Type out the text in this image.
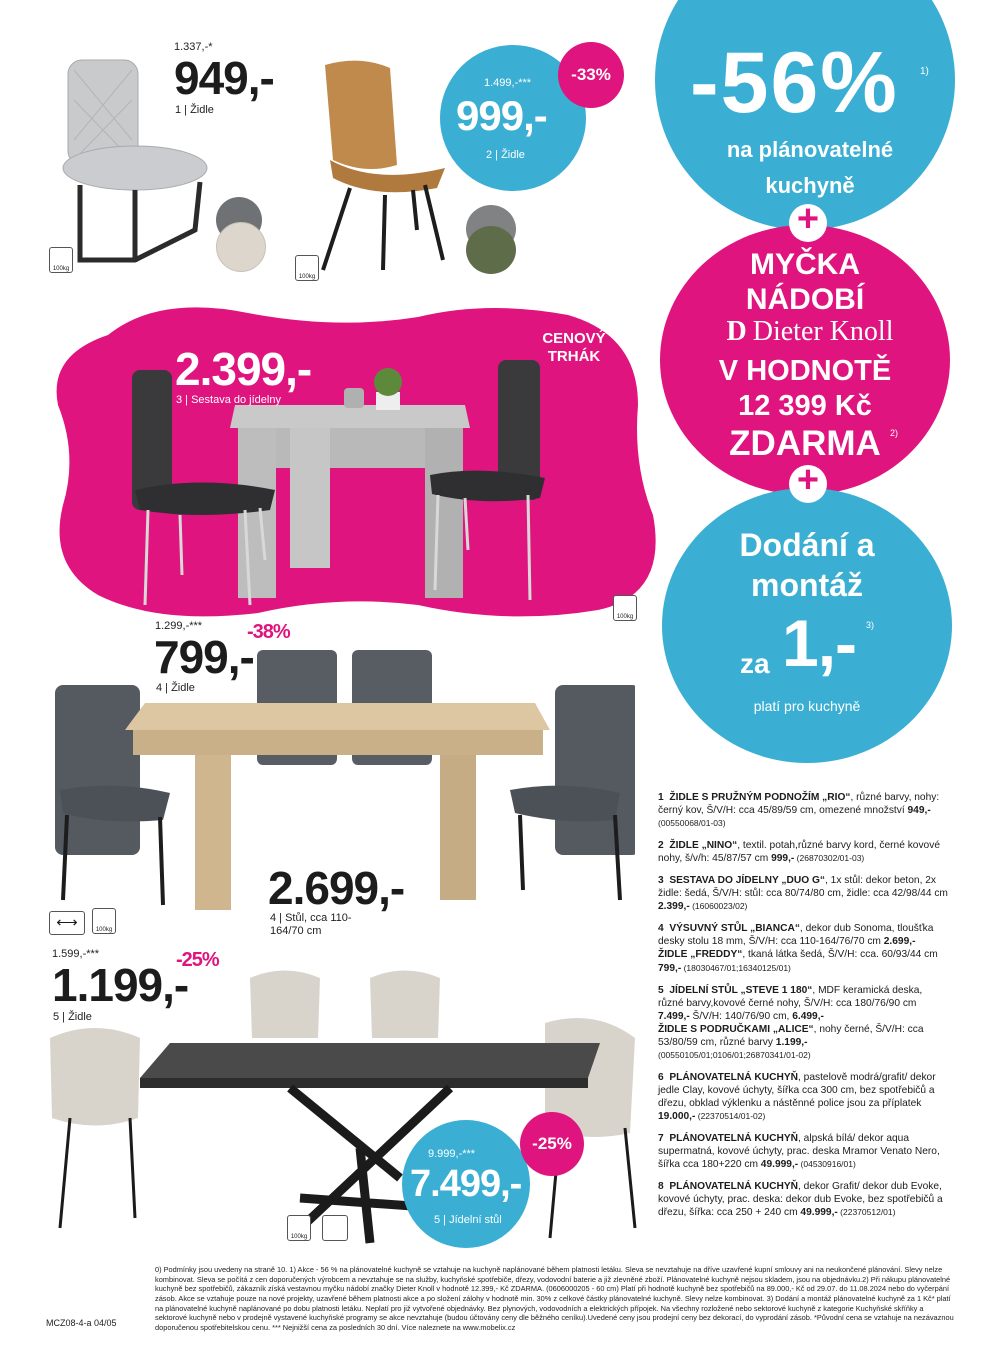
100kg
1.337,-*
949,-
1 | Židle
100kg
1.499,-***
999,-
2 | Židle
-33%
2.399,-
3 | Sestava do jídelny
CENOVÝ TRHÁK
100kg
1.299,-***
799,-
-38%
4 | Židle
2.699,-
4 | Stůl, cca 110-164/70 cm
⟷	100kg
1.599,-***
1.199,-
-25%
5 | Židle
9.999,-***
7.499,-
5 | Jídelní stůl
-25%
100kg
-56% 1)
na plánovatelné
kuchyně
MYČKA
NÁDOBÍ
D Dieter Knoll
V HODNOTĚ
12 399 Kč
ZDARMA	2)
+
+
Dodání a
montáž
za 1,- 3)
platí pro kuchyně

1 ŽIDLE S PRUŽNÝM PODNOŽÍM „RIO“, různé barvy, nohy: černý kov, Š/V/H: cca 45/89/59 cm, omezené množství 949,- (00550068/01-03)

2 ŽIDLE „NINO“, textil. potah,různé barvy kord, černé kovové nohy, š/v/h: 45/87/57 cm 999,- (26870302/01-03)

3 SESTAVA DO JÍDELNY „DUO G“, 1x stůl: dekor beton, 2x židle: šedá, Š/V/H: stůl: cca 80/74/80 cm, židle: cca 42/98/44 cm 2.399,- (16060023/02)

4 VÝSUVNÝ STŮL „BIANCA“, dekor dub Sonoma, tloušťka desky stolu 18 mm, Š/V/H: cca 110-164/76/70 cm 2.699,-
ŽIDLE „FREDDY“, tkaná látka šedá, Š/V/H: cca. 60/93/44 cm 799,- (18030467/01;16340125/01)

5 JÍDELNÍ STŮL „STEVE 1 180“, MDF keramická deska, různé barvy,kovové černé nohy, Š/V/H: cca 180/76/90 cm 7.499,- Š/V/H: 140/76/90 cm, 6.499,-
ŽIDLE S PODRUČKAMI „ALICE“, nohy černé, Š/V/H: cca 53/80/59 cm, různé barvy 1.199,- (00550105/01;0106/01;26870341/01-02)

6 PLÁNOVATELNÁ KUCHYŇ, pastelově modrá/grafit/ dekor jedle Clay, kovové úchyty, šířka cca 300 cm, bez spotřebičů a dřezu, obklad výklenku a nástěnné police jsou za příplatek 19.000,- (22370514/01-02)

7 PLÁNOVATELNÁ KUCHYŇ, alpská bílá/ dekor aqua supermatná, kovové úchyty, prac. deska Mramor Venato Nero, šířka cca 180+220 cm 49.999,- (04530916/01)

8 PLÁNOVATELNÁ KUCHYŇ, dekor Grafit/ dekor dub Evoke, kovové úchyty, prac. deska: dekor dub Evoke, bez spotřebičů a dřezu, šířka: cca 250 + 240 cm 49.999,- (22370512/01)

MCZ08-4-a 04/05
0) Podmínky jsou uvedeny na straně 10. 1) Akce - 56 % na plánovatelné kuchyně se vztahuje na kuchyně naplánované během platnosti letáku. Sleva se nevztahuje na dříve uzavřené kupní smlouvy ani na neukončené plánování. Slevy nelze kombinovat. Sleva se počítá z cen doporučených výrobcem a nevztahuje se na služby, kuchyňské spotřebiče, dřezy, vodovodní baterie a již zlevněné zboží. Plánovatelné kuchyně nejsou skladem, jsou na objednávku.2) Při nákupu plánovatelné kuchyně bez spotřebičů, zákazník získá vestavnou myčku nádobí značky Dieter Knoll v hodnotě 12.399,- Kč ZDARMA. (0606000205 - 60 cm) Platí při hodnotě kuchyně bez spotřebičů na 89.000,- Kč od 29.07. do 11.08.2024 nebo do vyčerpání zásob. Akce se vztahuje pouze na nové projekty, uzavřené během platnosti akce a po složení zálohy v hodnotě min. 30% z celkové částky plánovatelné kuchyně. Slevy nelze kombinovat. 3) Dodání a montáž plánovatelné kuchyně za 1 Kč* platí na plánovatelné kuchyně naplánované po dobu platnosti letáku. Neplatí pro již vytvořené objednávky. Bez plynových, vodovodních a elektrických přípojek. Na všechny rozložené nebo sektorové kuchyně z kategorie Kuchyňské skříňky a sektorové kuchyně nebo v prodejně vystavené kuchyňské programy se akce nevztahuje (budou účtovány ceny dle běžného ceníku).Uvedené ceny jsou prodejní ceny bez dekorací, do vyprodání zásob. *Původní cena se vztahuje na nezávaznou doporučenou spotřebitelskou cenu. *** Nejnižší cena za posledních 30 dní. Více naleznete na www.mobelix.cz
